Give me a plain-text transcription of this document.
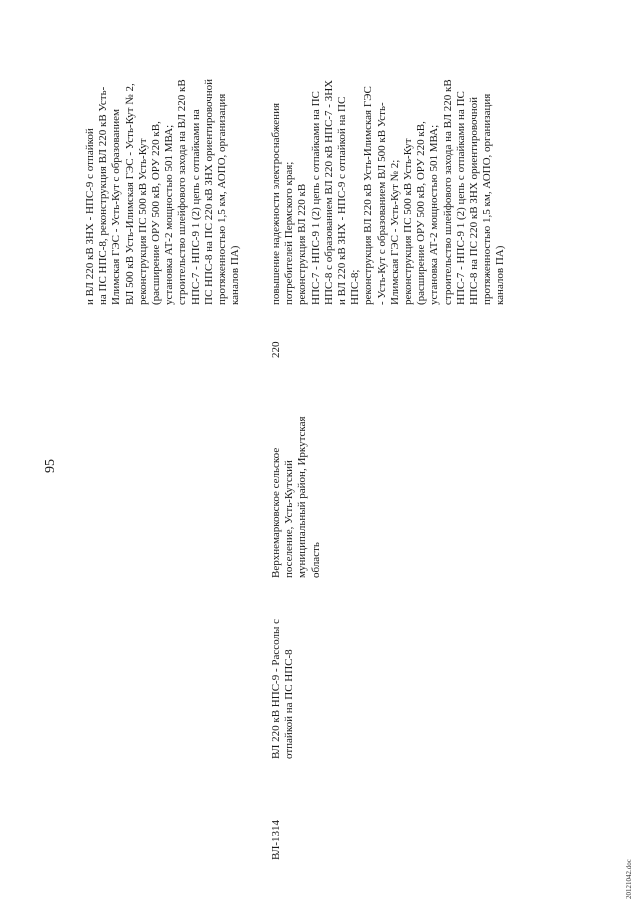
95
20121042.doc
и ВЛ 220 кВ ЗНХ - НПС-9 с отпайкой на ПС НПС-8, реконструкция ВЛ 220 кВ Усть- Илимская ГЭС - Усть-Кут с образованием ВЛ 500 кВ Усть-Илимская ГЭС - Усть-Кут № 2, реконструкция ПС 500 кВ Усть-Кут (расширение ОРУ 500 кВ, ОРУ 220 кВ, установка АТ-2 мощностью 501 МВА; строительство шлейфового захода на ВЛ 220 кВ НПС-7 - НПС-9 1 (2) цепь с отпайками на ПС НПС-8 на ПС 220 кВ ЗНХ ориентировочной протяженностью 1,5 км, АОПО, организация каналов ПА)
ВЛ-1314
ВЛ 220 кВ НПС-9 - Рассолы с отпайкой на ПС НПС-8
Верхнемарковское сельское поселение, Усть-Кутский муниципальный район, Иркутская область
220
повышение надежности электроснабжения потребителей Пермского края; реконструкция ВЛ 220 кВ НПС-7 - НПС-9 1 (2) цепь с отпайками на ПС НПС-8 с образованием ВЛ 220 кВ НПС-7 - ЗНХ и ВЛ 220 кВ ЗНХ - НПС-9 с отпайкой на ПС НПС-8; реконструкция ВЛ 220 кВ Усть-Илимская ГЭС - Усть-Кут с образованием ВЛ 500 кВ Усть- Илимская ГЭС - Усть-Кут № 2; реконструкция ПС 500 кВ Усть-Кут (расширение ОРУ 500 кВ, ОРУ 220 кВ, установка АТ-2 мощностью 501 МВА; строительство шлейфового захода на ВЛ 220 кВ НПС-7 - НПС-9 1 (2) цепь с отпайками на ПС НПС-8 на ПС 220 кВ ЗНХ ориентировочной протяженностью 1,5 км, АОПО, организация каналов ПА)
